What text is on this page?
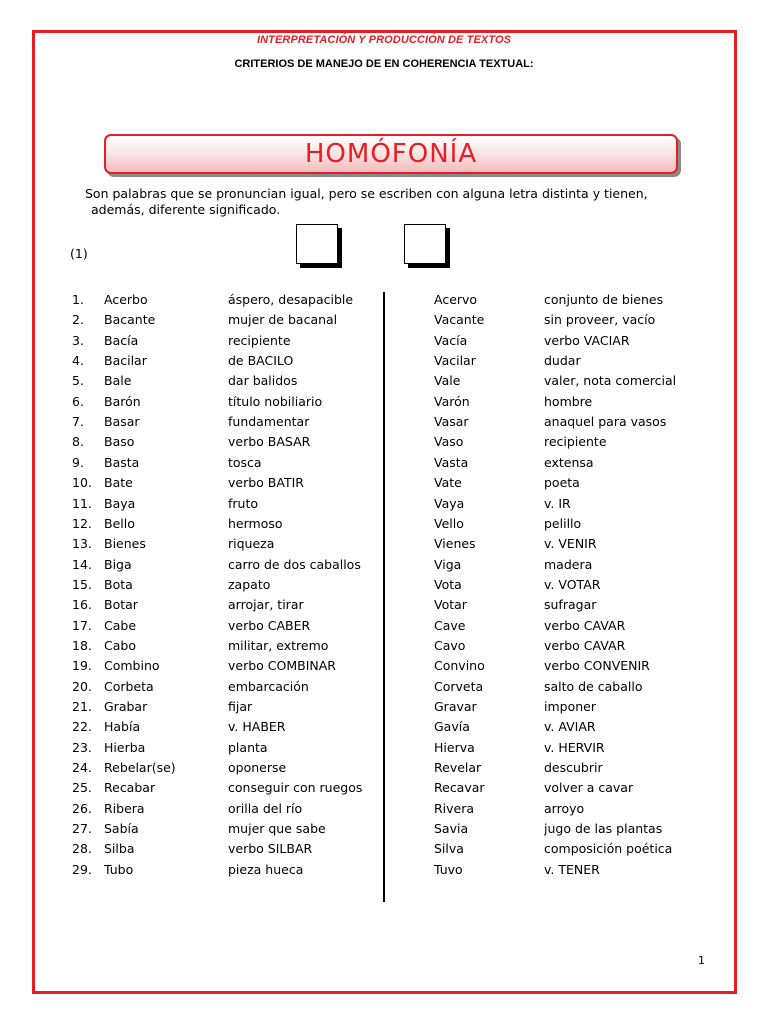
INTERPRETACIÓN Y PRODUCCIÓN DE TEXTOS
CRITERIOS DE MANEJO DE EN COHERENCIA TEXTUAL:
HOMÓFONÍA
Son palabras que se pronuncian igual, pero se escriben con alguna letra distinta y tienen,
además, diferente significado.
(1)
1. Acerbo	áspero, desapacible	Acervo	conjunto de bienes
2. Bacante	mujer de bacanal	Vacante	sin proveer, vacío
3. Bacía	recipiente	Vacía	verbo VACIAR
4. Bacilar	de BACILO	Vacilar	dudar
5. Bale	dar balidos	Vale	valer, nota comercial
6. Barón	título nobiliario	Varón	hombre
7. Basar	fundamentar	Vasar	anaquel para vasos
8. Baso	verbo BASAR	Vaso	recipiente
9. Basta	tosca	Vasta	extensa
10. Bate	verbo BATIR	Vate	poeta
11. Baya	fruto	Vaya	v. IR
12. Bello	hermoso	Vello	pelillo
13. Bienes	riqueza	Vienes	v. VENIR
14. Biga	carro de dos caballos	Viga	madera
15. Bota	zapato	Vota	v. VOTAR
16. Botar	arrojar, tirar	Votar	sufragar
17. Cabe	verbo CABER	Cave	verbo CAVAR
18. Cabo	militar, extremo	Cavo	verbo CAVAR
19. Combino	verbo COMBINAR	Convino	verbo CONVENIR
20. Corbeta	embarcación	Corveta	salto de caballo
21. Grabar	fijar	Gravar	imponer
22. Había	v. HABER	Gavía	v. AVIAR
23. Hierba	planta	Hierva	v. HERVIR
24. Rebelar(se)	oponerse	Revelar	descubrir
25. Recabar	conseguir con ruegos	Recavar	volver a cavar
26. Ribera	orilla del río	Rivera	arroyo
27. Sabía	mujer que sabe	Savia	jugo de las plantas
28. Silba	verbo SILBAR	Silva	composición poética
29. Tubo	pieza hueca	Tuvo	v. TENER
1
